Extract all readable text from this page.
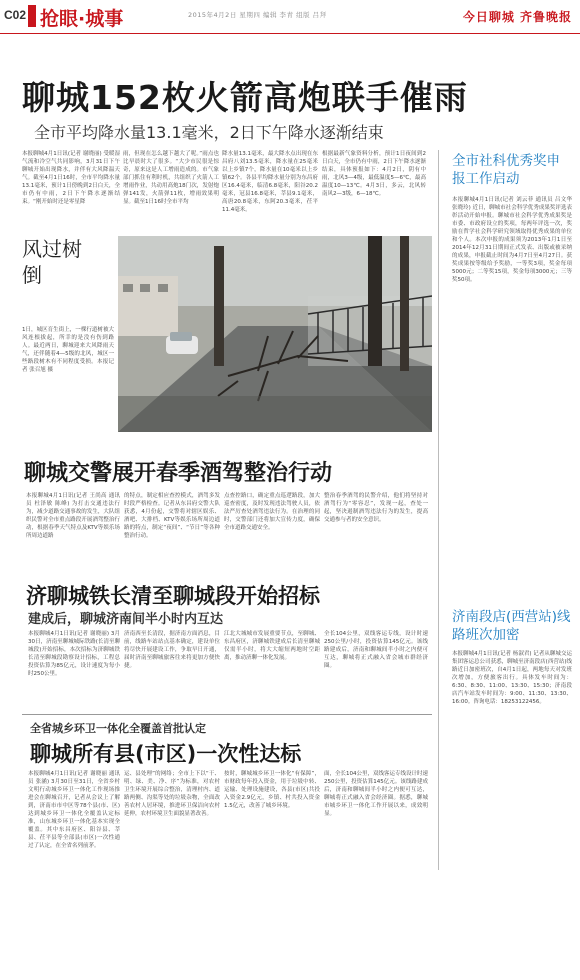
C02 抢眼·城事	2015年4月2日 星期四 编辑 李青 组版 吕拜	今日聊城 齐鲁晚报
聊城152枚火箭高炮联手催雨
全市平均降水量13.1毫米，2日下午降水逐渐结束
本报聊城4月1日讯(记者 谢晓丽) 受暖湿气流和冷空气共同影响，3月31日下午聊城开始出现降水，并伴有大风降温天气。截至4月1日16时，全市平均降水量13.1毫米，预计1日傍晚到2日白天，全市仍有中雨，2日下午降水逐渐结束。“刚开始时还是零星降
雨，但现在怎么越下越大了呢。”雨点也比早晨时大了很多。“大少市民很是惊奇，原来这是人工增雨造成的。市气象部门抓住有利时机，共组织了火箭人工增雨作业，共动用高炮18门次，发射炮弹141发，火箭弹11枚，增雨效果明显。截至1日16时全市平均
降水量13.1毫米，最大降水点出现在东昌府八刘13.5毫米，降水量在25毫米以上乡镇7个，降水量在10毫米以上乡镇62个。各县平均降水量分别为东昌府区16.4毫米，临清6.8毫米，阳谷20.2毫米，冠县16.8毫米，莘县9.1毫米，高唐20.8毫米，东阿20.3毫米，茌平11.4毫米。
根据最新气象资料分析，预计1日夜间到2日白天，全市仍有中雨，2日下午降水逐渐结束，具体预报如下：4月2日，阴有中雨，北风3—4级，最低温度5—6℃，最高温度10—13℃。4月3日，多云，北风转南风2—3级，6—18℃。
风过树倒
1日，城区育生街上，一棵行道树被大风连根拔起，所幸的是没有伤到路人。最近两日，聊城迎来大风降雨天气，还伴随着4—5级的北风，城区一些路段树木有不同程度受损。本报记者 张召旭 摄
聊城交警展开春季酒驾整治行动
本报聊城4月1日讯(记者 王尚高 通讯员 杜泽敏 陈峰) 为打击交通违法行为，减少道路交通事故的发生，大队组织民警对全市重点路段开展酒驾整治行动，根据春季天气特点及KTV等娱乐场所周边道路
的特点，制定相应查控模式，酒驾多发时段严格检查。记者从东昌府交警大队获悉，4月份起，交警将对辖区娱乐、酒吧、大排档、KTV等娱乐场所周边道路的特点，制定“夜间”、“节日”等各种整治行动。
点查控路口，确定重点巡逻路段，加大巡查密度，及时发现违法驾驶人员，依法严厉查处酒驾违法行为。在治理的同时，交警部门还将加大宣传力度，确保全市道路交通安全。
整治春季酒驾的民警介绍，他们将坚持对酒驾行为“零容忍”，发现一起，查处一起，坚决遏制酒驾违法行为的发生，提高交通参与者的安全意识。
济聊城铁长清至聊城段开始招标
建成后，聊城济南间半小时内互达
本报聊城4月1日讯(记者 谢晓丽) 3月30日，济南至聊城城际铁路(长清至聊城段)开始招标，本次招标为济聊城铁长清至聊城段勘察设计招标，工程总投资估算为85亿元，设计速度为每小时250公里。
济南西至长清段，据济南方面消息，目前，线路车站站点基本确定，建设单位将尽快开展建设工作，争取早日开通，届时济南至聊城旅客往来将更加方便快捷。
江北大城城市发展重要节点，至聊城、东昌府区，济聊城铁建成后长清至聊城仅需半小时，将大大缩短两地时空距离，推动济聊一体化发展。
全长104公里，双线客运专线，设计时速250公里/小时，投资估算145亿元。该线路建成后，济南和聊城间半小时之内便可互达，聊城将正式融入省会城市群经济圈。
全省城乡环卫一体化全覆盖首批认定
聊城所有县(市区)一次性达标
本报聊城4月1日讯(记者 谢晓丽 通讯员 张涵) 3月30日至31日，全省乡村文明行动城乡环卫一体化工作现场推进会在聊城召开，记者从会议上了解到，济南市市中区等78个县(市、区)达到城乡环卫一体化全覆盖认定标准，山东城乡环卫一体化基本实现全覆盖。其中东昌府区、阳谷县、莘县、茌平县等全部县(市区)一次性通过了认定，在全省名列前茅。
运、县处理”的网络；全市上下以“干、明、绿、美、净、序”为标准，对农村卫生环境开展综合整治，清理村内、道路两侧、沟渠等处的垃圾杂物，全面改善农村人居环境，推进环卫保洁向农村延伸，农村环境卫生面貌显著改善。
按时，聊城城乡环卫一体化“有保障”，市财政每年投入资金，用于垃圾中转、运输、处理设施建设，各县(市区)共投入资金2.9亿元，乡镇、村共投入资金1.5亿元，改善了城乡环境。
面，全长104公里，双线客运专线设计时速250公里，投资估算145亿元。该线路建成后，济南和聊城间半小时之内便可互达，聊城将正式融入省会经济圈。据悉，聊城市城乡环卫一体化工作开展以来，成效明显。
全市社科优秀奖申报工作启动
本报聊城4月1日讯(记者 刘云菲 通讯员 吕文华 张晓玲) 近日，聊城市社会科学优秀成果奖评选表彰活动开始申报。聊城市社会科学优秀成果奖是市委、市政府设立的奖项，每两年评选一次，奖励在哲学社会科学研究领域取得优秀成果的单位和个人。本次申报的成果须为2013年1月1日至2014年12月31日期间正式发表、出版或被采纳的成果，申报截止时间为4月7日至4月27日。获奖成果按等级给予奖励，一等奖3项，奖金每项5000元；二等奖15项，奖金每项3000元；三等奖50项。
济南段店(西营站)线路班次加密
本报聊城4月1日讯(记者 杨淑君) 记者从聊城交运集团客运总公司获悉，聊城至济南段店(西营站)线路近日加密班次，自4月1日起，两地每天对发班次增加，方便旅客出行。具体发车时间为：6:30、8:30、11:00、13:30、15:30；济南段店汽车站发车时间为：9:00、11:30、13:30、16:00。咨询电话：18253122456。
